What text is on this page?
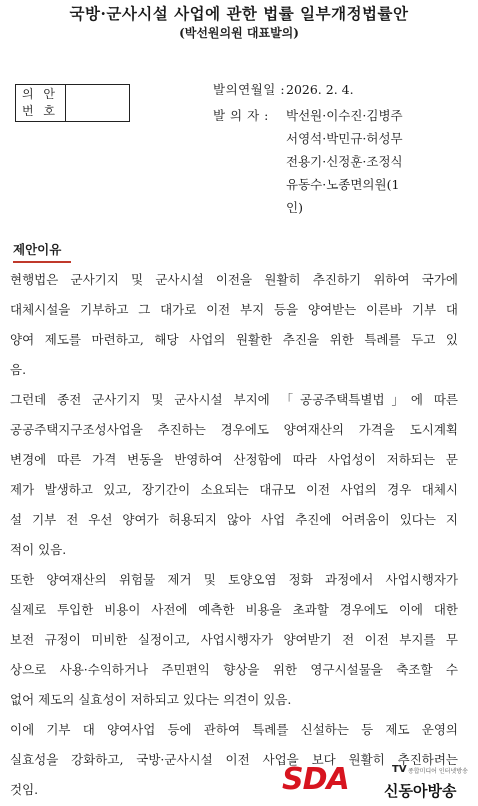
국방·군사시설 사업에 관한 법률 일부개정법률안
(박선원의원 대표발의)
의 안
번 호
발의연월일 : 2026. 2. 4.
발 의 자 : 박선원·이수진·김병주
서영석·박민규·허성무
전용기·신정훈·조정식
유동수·노종면의원(1
인)
제안이유
현행법은 군사기지 및 군사시설 이전을 원활히 추진하기 위하여 국가에
대체시설을 기부하고 그 대가로 이전 부지 등을 양여받는 이른바 기부 대
양여 제도를 마련하고, 해당 사업의 원활한 추진을 위한 특례를 두고 있
음.
그런데 종전 군사기지 및 군사시설 부지에 「공공주택특별법」에 따른
공공주택지구조성사업을 추진하는 경우에도 양여재산의 가격을 도시계획
변경에 따른 가격 변동을 반영하여 산정함에 따라 사업성이 저하되는 문
제가 발생하고 있고, 장기간이 소요되는 대규모 이전 사업의 경우 대체시
설 기부 전 우선 양여가 허용되지 않아 사업 추진에 어려움이 있다는 지
적이 있음.
또한 양여재산의 위험물 제거 및 토양오염 정화 과정에서 사업시행자가
실제로 투입한 비용이 사전에 예측한 비용을 초과할 경우에도 이에 대한
보전 규정이 미비한 실정이고, 사업시행자가 양여받기 전 이전 부지를 무
상으로 사용·수익하거나 주민편익 향상을 위한 영구시설물을 축조할 수
없어 제도의 실효성이 저하되고 있다는 의견이 있음.
이에 기부 대 양여사업 등에 관하여 특례를 신설하는 등 제도 운영의
실효성을 강화하고, 국방·군사시설 이전 사업을 보다 원활히 추진하려는
것임.	SDA	TV 종합미디어 인터넷방송
신동아방송
